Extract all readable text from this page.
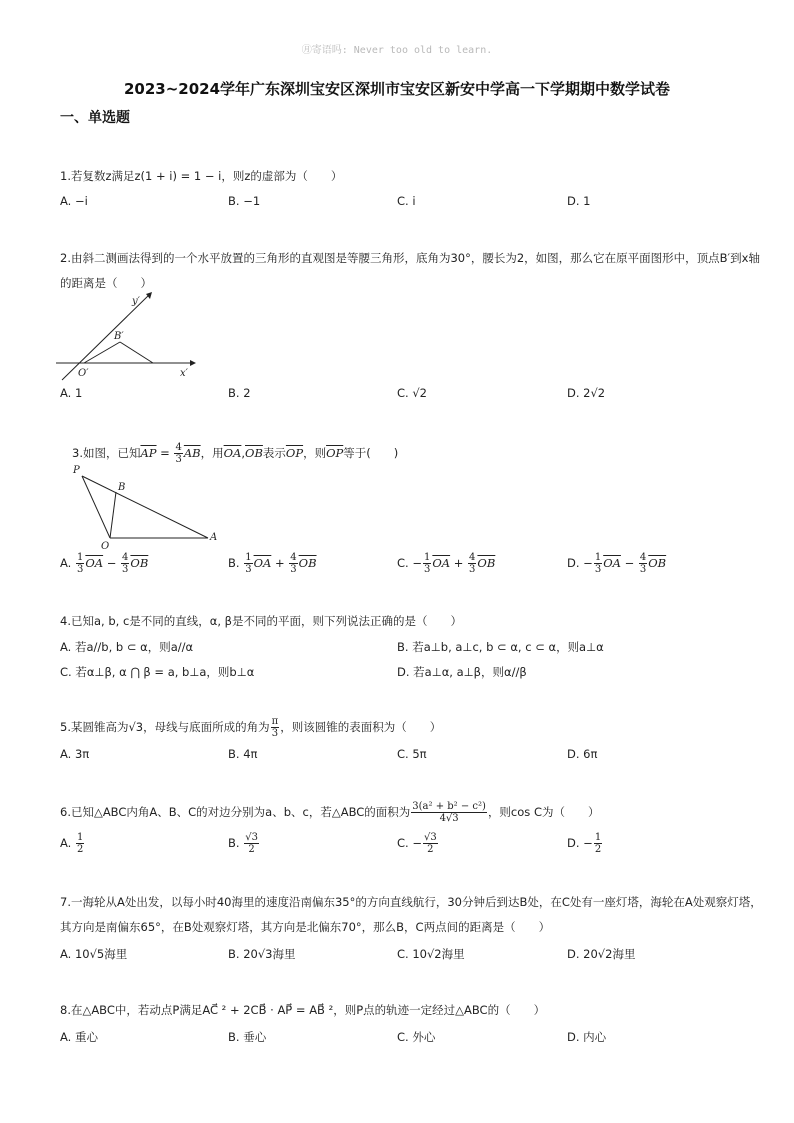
㊊寄语吗: Never too old to learn.
2023~2024学年广东深圳宝安区深圳市宝安区新安中学高一下学期期中数学试卷
一、单选题
1.若复数z满足z(1 + i) = 1 − i，则z的虚部为（　　）
A. −i	B. −1	C. i	D. 1
2.由斜二测画法得到的一个水平放置的三角形的直观图是等腰三角形，底角为30°，腰长为2，如图，那么它在原平面图形中，顶点B′到x轴
的距离是（　　）
y′
B′
O′	x′
A. 1	B. 2	C. √2	D. 2√2
3.如图，已知$\overline{AP} = \frac{4}{3} \overline{AB}$，用$\overline{OA},\overline{OB}$表示$\overline{OP}$，则$\overline{OP}$等于(　　)
P
B
O
A
A. $\frac{1}{3} \overline{OA} - \frac{4}{3} \overline{OB}$	B. $\frac{1}{3} \overline{OA} + \frac{4}{3} \overline{OB}$	C. − $\frac{1}{3} \overline{OA} + \frac{4}{3} \overline{OB}$	D. − $\frac{1}{3} \overline{OA} - \frac{4}{3} \overline{OB}$
4.已知a, b, c是不同的直线，α, β是不同的平面，则下列说法正确的是（　　）
A. 若a//b, b ⊂ α，则a//α	B. 若a⊥b, a⊥c, b ⊂ α, c ⊂ α，则a⊥α
C. 若α⊥β, α ⋂ β = a, b⊥a，则b⊥α	D. 若a⊥α, a⊥β，则α//β
5.某圆锥高为√3，母线与底面所成的角为 $\frac{\pi}{3}$ ，则该圆锥的表面积为（　　）
A. 3π	B. 4π	C. 5π	D. 6π
6.已知△ABC内角A、B、C的对边分别为a、b、c，若△ABC的面积为 $\frac{\text{3(a² + b² − c²)}}{4√3}$ ，则cos C为（　　）
A. $\frac{1}{2}$	B. $\frac{√3}{2}$	C. − $\frac{√3}{2}$	D. − $\frac{1}{2}$
7.一海轮从A处出发，以每小时40海里的速度沿南偏东35°的方向直线航行，30分钟后到达B处，在C处有一座灯塔，海轮在A处观察灯塔，
其方向是南偏东65°，在B处观察灯塔，其方向是北偏东70°，那么B，C两点间的距离是（　　）
A. 10√5海里	B. 20√3海里	C. 10√2海里	D. 20√2海里
8.在△ABC中，若动点P满足AC⃗ ² + 2CB⃗ · AP⃗ = AB⃗ ²，则P点的轨迹一定经过△ABC的（　　）
A. 重心	B. 垂心	C. 外心	D. 内心
